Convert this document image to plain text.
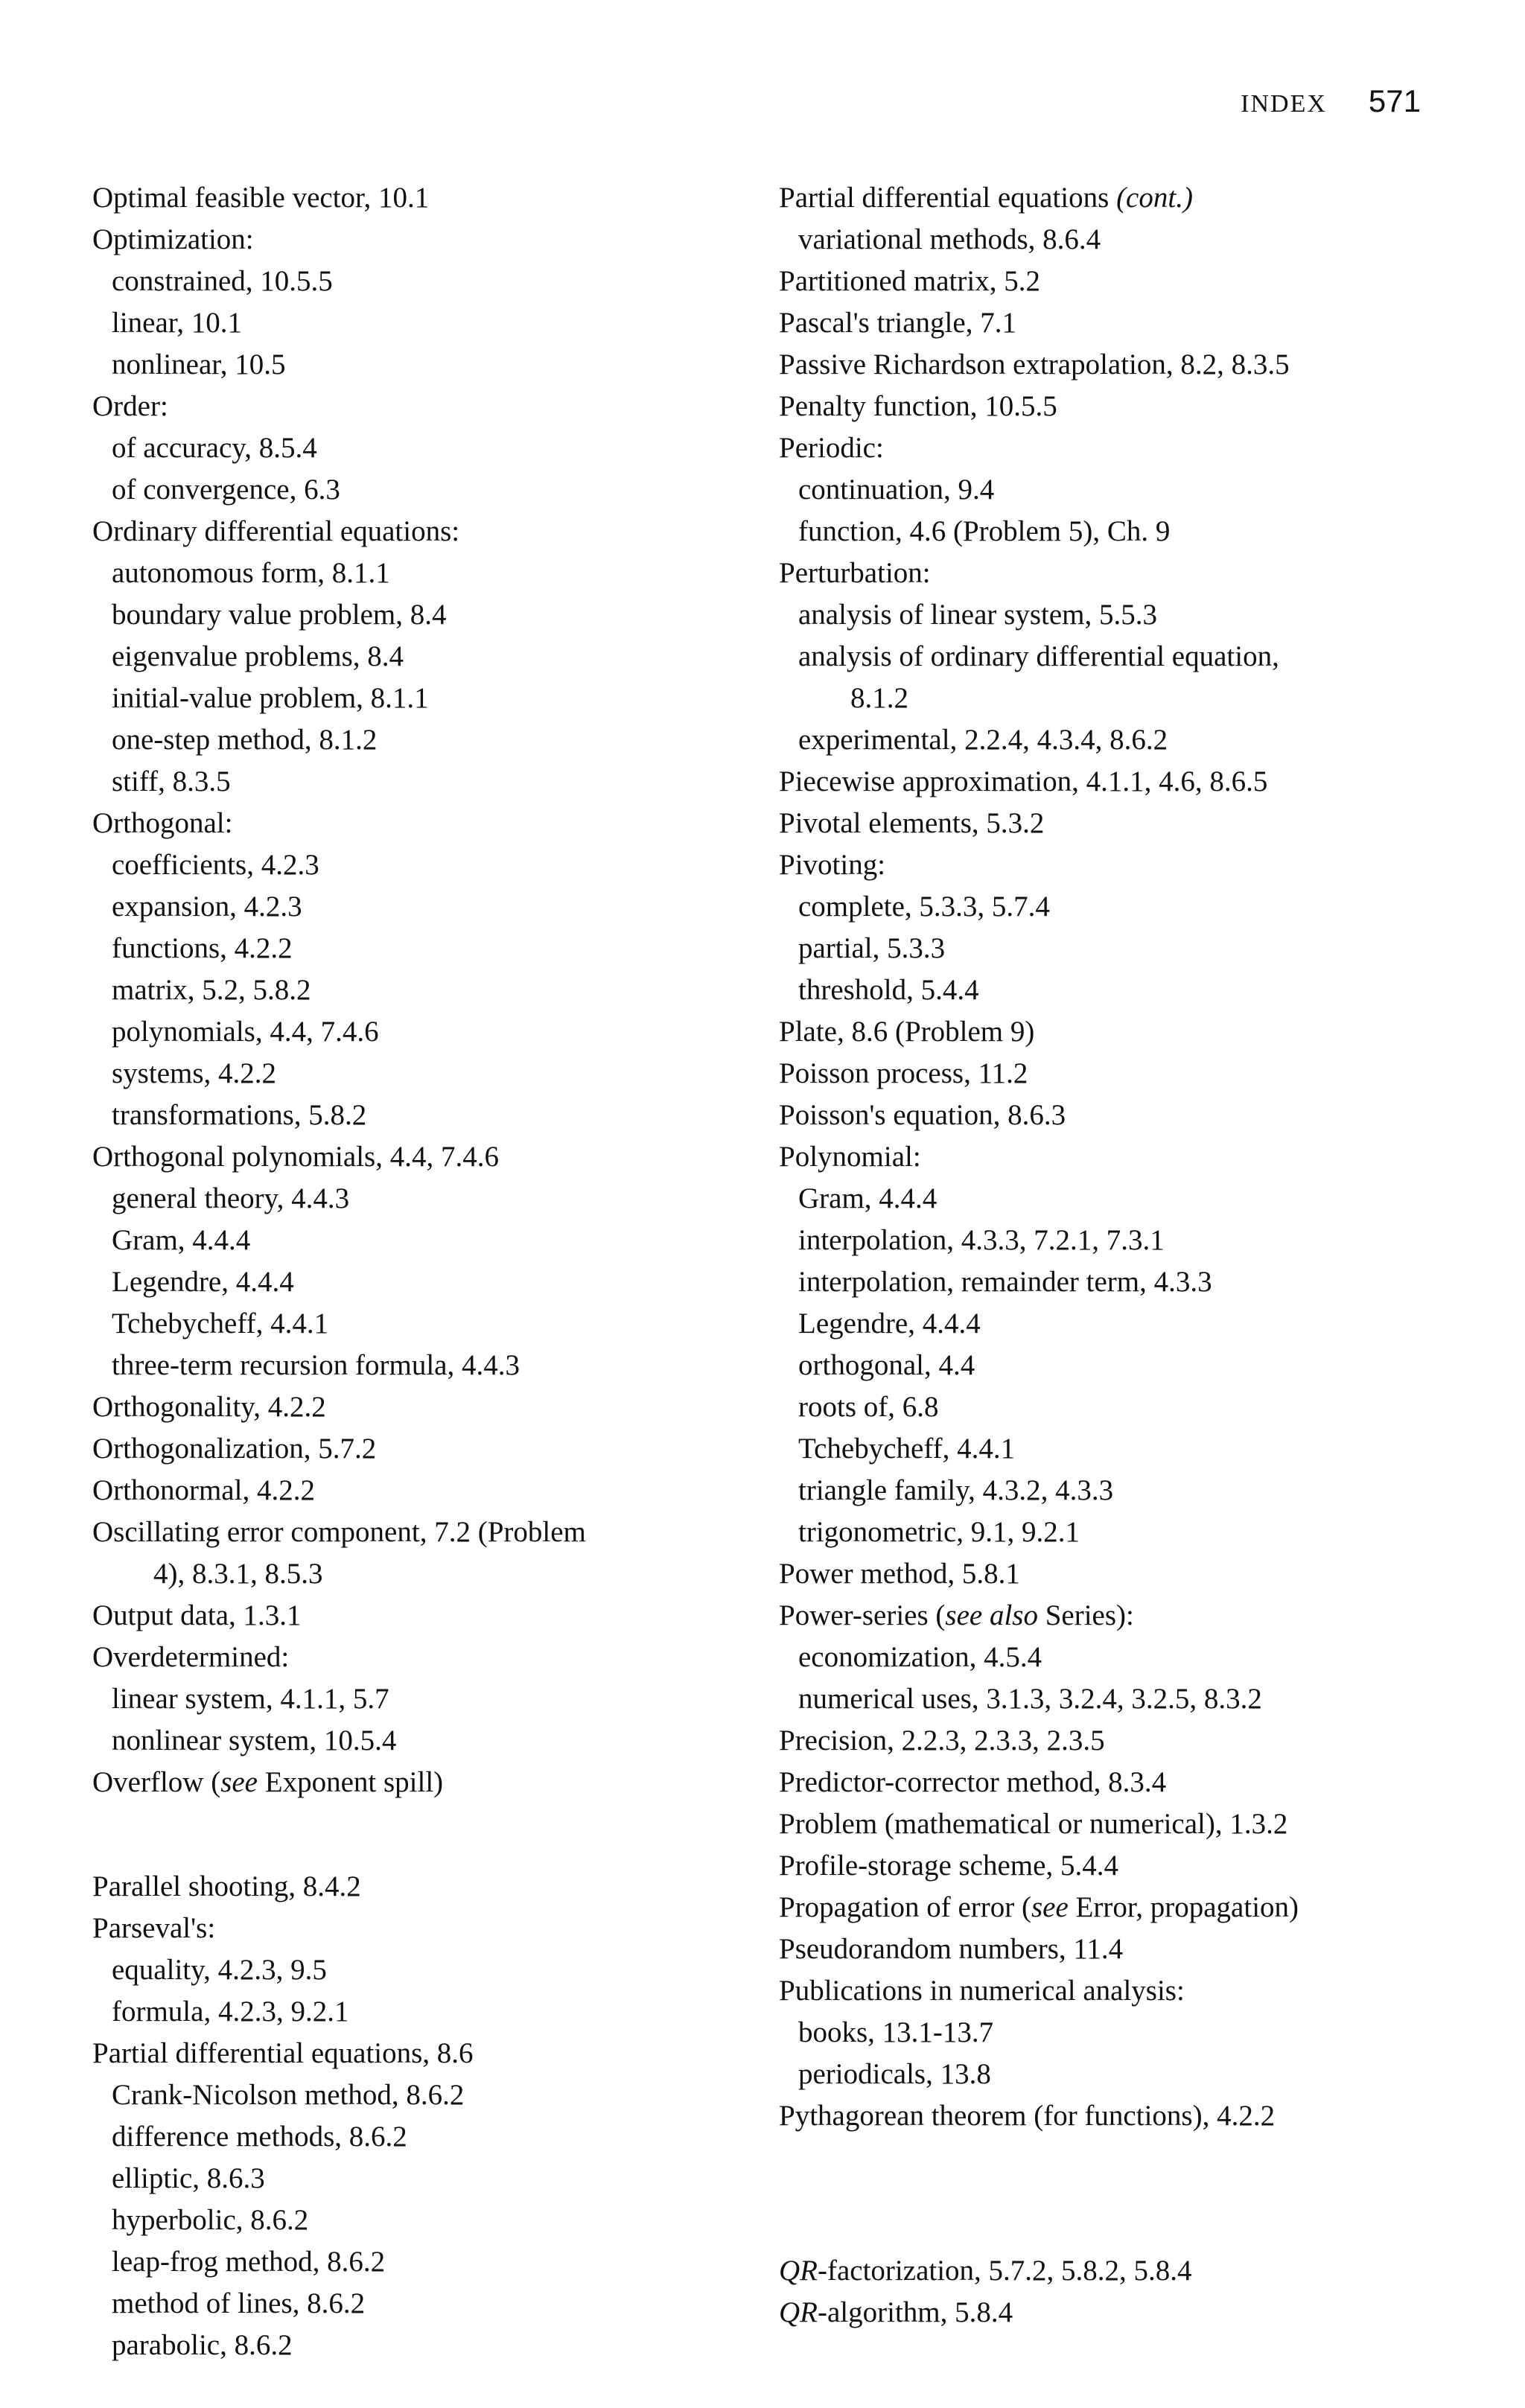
INDEX 571
Optimal feasible vector, 10.1
Optimization:
constrained, 10.5.5
linear, 10.1
nonlinear, 10.5
Order:
of accuracy, 8.5.4
of convergence, 6.3
Ordinary differential equations:
autonomous form, 8.1.1
boundary value problem, 8.4
eigenvalue problems, 8.4
initial-value problem, 8.1.1
one-step method, 8.1.2
stiff, 8.3.5
Orthogonal:
coefficients, 4.2.3
expansion, 4.2.3
functions, 4.2.2
matrix, 5.2, 5.8.2
polynomials, 4.4, 7.4.6
systems, 4.2.2
transformations, 5.8.2
Orthogonal polynomials, 4.4, 7.4.6
general theory, 4.4.3
Gram, 4.4.4
Legendre, 4.4.4
Tchebycheff, 4.4.1
three-term recursion formula, 4.4.3
Orthogonality, 4.2.2
Orthogonalization, 5.7.2
Orthonormal, 4.2.2
Oscillating error component, 7.2 (Problem
4), 8.3.1, 8.5.3
Output data, 1.3.1
Overdetermined:
linear system, 4.1.1, 5.7
nonlinear system, 10.5.4
Overflow (see Exponent spill)
Parallel shooting, 8.4.2
Parseval's:
equality, 4.2.3, 9.5
formula, 4.2.3, 9.2.1
Partial differential equations, 8.6
Crank-Nicolson method, 8.6.2
difference methods, 8.6.2
elliptic, 8.6.3
hyperbolic, 8.6.2
leap-frog method, 8.6.2
method of lines, 8.6.2
parabolic, 8.6.2
Partial differential equations (cont.)
variational methods, 8.6.4
Partitioned matrix, 5.2
Pascal's triangle, 7.1
Passive Richardson extrapolation, 8.2, 8.3.5
Penalty function, 10.5.5
Periodic:
continuation, 9.4
function, 4.6 (Problem 5), Ch. 9
Perturbation:
analysis of linear system, 5.5.3
analysis of ordinary differential equation,
8.1.2
experimental, 2.2.4, 4.3.4, 8.6.2
Piecewise approximation, 4.1.1, 4.6, 8.6.5
Pivotal elements, 5.3.2
Pivoting:
complete, 5.3.3, 5.7.4
partial, 5.3.3
threshold, 5.4.4
Plate, 8.6 (Problem 9)
Poisson process, 11.2
Poisson's equation, 8.6.3
Polynomial:
Gram, 4.4.4
interpolation, 4.3.3, 7.2.1, 7.3.1
interpolation, remainder term, 4.3.3
Legendre, 4.4.4
orthogonal, 4.4
roots of, 6.8
Tchebycheff, 4.4.1
triangle family, 4.3.2, 4.3.3
trigonometric, 9.1, 9.2.1
Power method, 5.8.1
Power-series (see also Series):
economization, 4.5.4
numerical uses, 3.1.3, 3.2.4, 3.2.5, 8.3.2
Precision, 2.2.3, 2.3.3, 2.3.5
Predictor-corrector method, 8.3.4
Problem (mathematical or numerical), 1.3.2
Profile-storage scheme, 5.4.4
Propagation of error (see Error, propagation)
Pseudorandom numbers, 11.4
Publications in numerical analysis:
books, 13.1-13.7
periodicals, 13.8
Pythagorean theorem (for functions), 4.2.2
QR-factorization, 5.7.2, 5.8.2, 5.8.4
QR-algorithm, 5.8.4
